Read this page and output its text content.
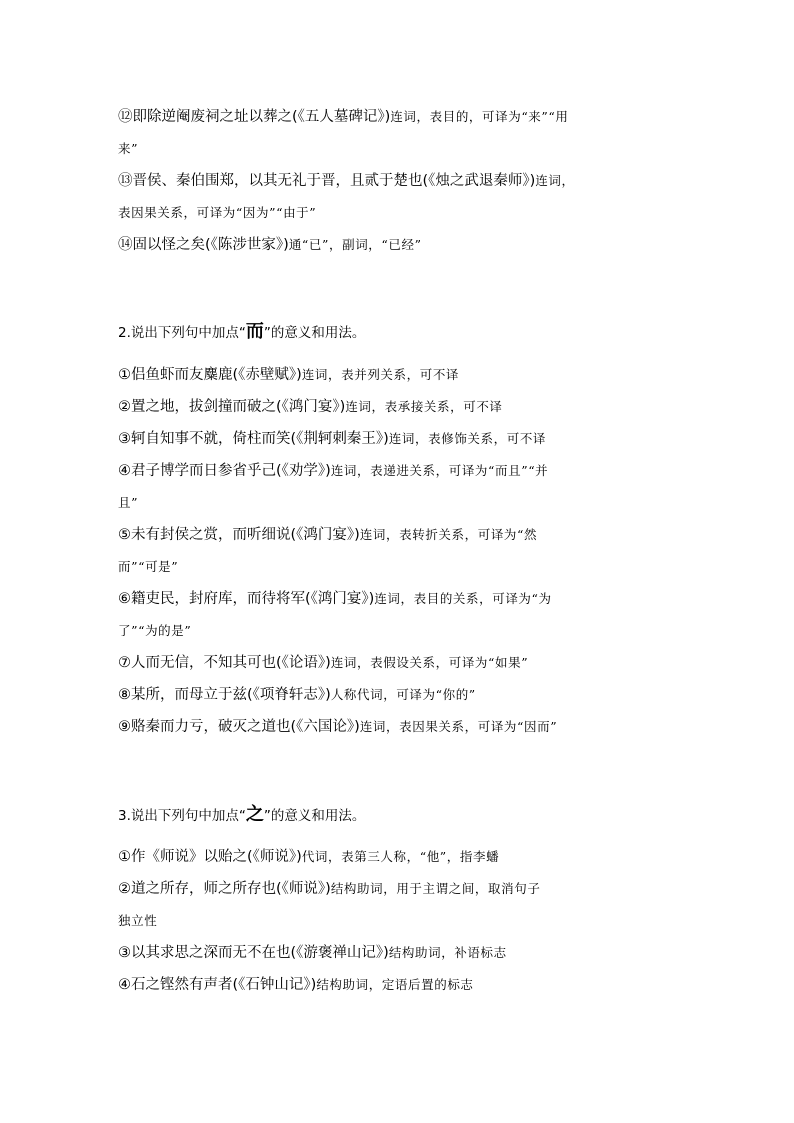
⑫即除逆阉废祠之址以葬之(《五人墓碑记》)连词，表目的，可译为“来”“用
来”
⑬晋侯、秦伯围郑，以其无礼于晋，且贰于楚也(《烛之武退秦师》)连词，
表因果关系，可译为“因为”“由于”
⑭固以怪之矣(《陈涉世家》)通“已”，副词，“已经”
2.说出下列句中加点“而”的意义和用法。
①侣鱼虾而友麋鹿(《赤壁赋》)连词，表并列关系，可不译
②置之地，拔剑撞而破之(《鸿门宴》)连词，表承接关系，可不译
③轲自知事不就，倚柱而笑(《荆轲刺秦王》)连词，表修饰关系，可不译
④君子博学而日参省乎己(《劝学》)连词，表递进关系，可译为“而且”“并
且”
⑤未有封侯之赏，而听细说(《鸿门宴》)连词，表转折关系，可译为“然
而”“可是”
⑥籍吏民，封府库，而待将军(《鸿门宴》)连词，表目的关系，可译为“为
了”“为的是”
⑦人而无信，不知其可也(《论语》)连词，表假设关系，可译为“如果”
⑧某所，而母立于兹(《项脊轩志》)人称代词，可译为“你的”
⑨赂秦而力亏，破灭之道也(《六国论》)连词，表因果关系，可译为“因而”
3.说出下列句中加点“之”的意义和用法。
①作《师说》以贻之(《师说》)代词，表第三人称，“他”，指李蟠
②道之所存，师之所存也(《师说》)结构助词，用于主谓之间，取消句子
独立性
③以其求思之深而无不在也(《游褒禅山记》)结构助词，补语标志
④石之铿然有声者(《石钟山记》)结构助词，定语后置的标志
